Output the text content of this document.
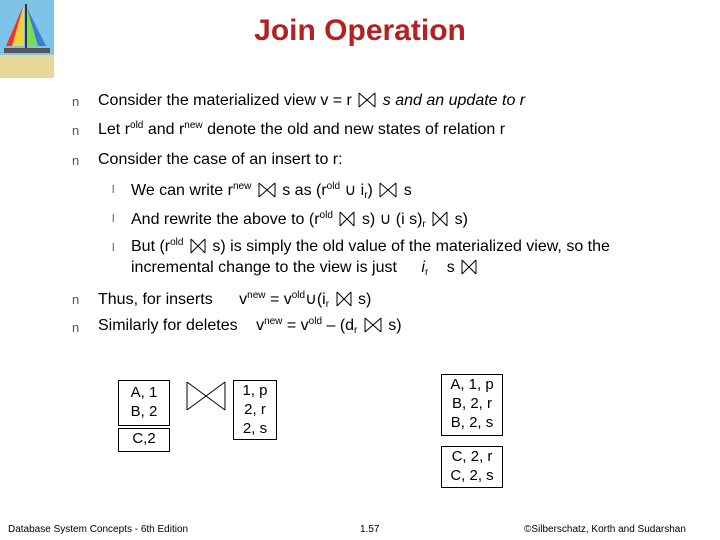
Join Operation
n Consider the materialized view v = r s and an update to r
n Let $r^{old}$ and $r^{new}$ denote the old and new states of relation r
n Consider the case of an insert to r:
l We can write $r^{new}$ s as ($r^{old}$ ∪ $i_r$)  s
l And rewrite the above to ($r^{old}$ s) ∪ (i $s)_r$ s)
l But ($r^{old}$ s) is simply the old value of the materialized view, so the
incremental change to the view is just $i_r$ s
n Thus, for inserts $v^{new}$ = $v^{old}\cup(i_r$ s)
n Similarly for deletes $v^{new} = v^{old} - (d_r$ s)
A, 1
B, 2
C,2
1, p
2, r
2, s
A, 1, p
B, 2, r
B, 2, s
C, 2, r
C, 2, s
Database System Concepts - 6th Edition	1.57	©Silberschatz, Korth and Sudarshan
